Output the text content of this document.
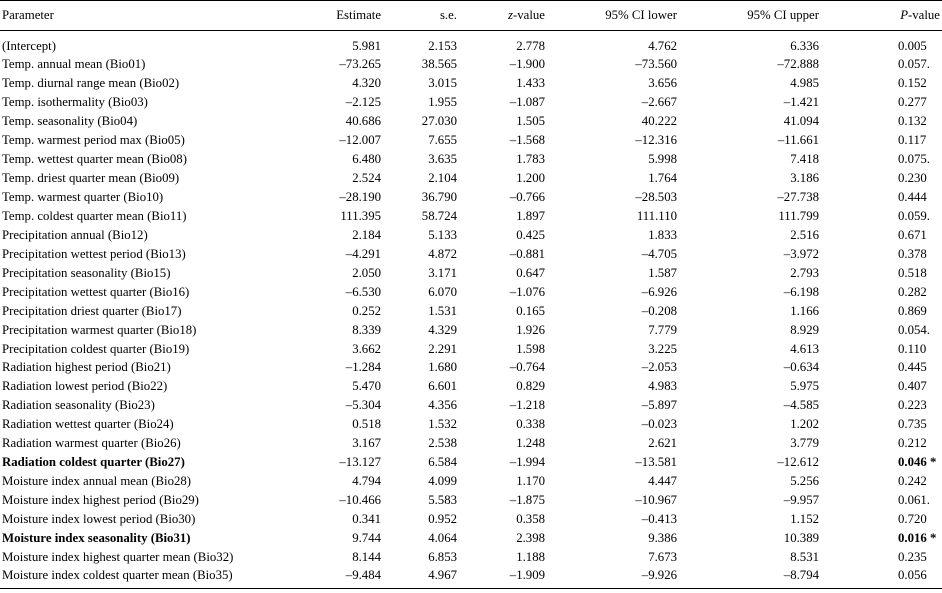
Parameter	Estimate	s.e.	z-value	95% CI lower	95% CI upper	P-value
(Intercept)	5.981	2.153	2.778	4.762	6.336	0.005
Temp. annual mean (Bio01)	–73.265	38.565	–1.900	–73.560	–72.888	0.057.
Temp. diurnal range mean (Bio02)	4.320	3.015	1.433	3.656	4.985	0.152
Temp. isothermality (Bio03)	–2.125	1.955	–1.087	–2.667	–1.421	0.277
Temp. seasonality (Bio04)	40.686	27.030	1.505	40.222	41.094	0.132
Temp. warmest period max (Bio05)	–12.007	7.655	–1.568	–12.316	–11.661	0.117
Temp. wettest quarter mean (Bio08)	6.480	3.635	1.783	5.998	7.418	0.075.
Temp. driest quarter mean (Bio09)	2.524	2.104	1.200	1.764	3.186	0.230
Temp. warmest quarter (Bio10)	–28.190	36.790	–0.766	–28.503	–27.738	0.444
Temp. coldest quarter mean (Bio11)	111.395	58.724	1.897	111.110	111.799	0.059.
Precipitation annual (Bio12)	2.184	5.133	0.425	1.833	2.516	0.671
Precipitation wettest period (Bio13)	–4.291	4.872	–0.881	–4.705	–3.972	0.378
Precipitation seasonality (Bio15)	2.050	3.171	0.647	1.587	2.793	0.518
Precipitation wettest quarter (Bio16)	–6.530	6.070	–1.076	–6.926	–6.198	0.282
Precipitation driest quarter (Bio17)	0.252	1.531	0.165	–0.208	1.166	0.869
Precipitation warmest quarter (Bio18)	8.339	4.329	1.926	7.779	8.929	0.054.
Precipitation coldest quarter (Bio19)	3.662	2.291	1.598	3.225	4.613	0.110
Radiation highest period (Bio21)	–1.284	1.680	–0.764	–2.053	–0.634	0.445
Radiation lowest period (Bio22)	5.470	6.601	0.829	4.983	5.975	0.407
Radiation seasonality (Bio23)	–5.304	4.356	–1.218	–5.897	–4.585	0.223
Radiation wettest quarter (Bio24)	0.518	1.532	0.338	–0.023	1.202	0.735
Radiation warmest quarter (Bio26)	3.167	2.538	1.248	2.621	3.779	0.212
Radiation coldest quarter (Bio27)	–13.127	6.584	–1.994	–13.581	–12.612	0.046 *
Moisture index annual mean (Bio28)	4.794	4.099	1.170	4.447	5.256	0.242
Moisture index highest period (Bio29)	–10.466	5.583	–1.875	–10.967	–9.957	0.061.
Moisture index lowest period (Bio30)	0.341	0.952	0.358	–0.413	1.152	0.720
Moisture index seasonality (Bio31)	9.744	4.064	2.398	9.386	10.389	0.016 *
Moisture index highest quarter mean (Bio32)	8.144	6.853	1.188	7.673	8.531	0.235
Moisture index coldest quarter mean (Bio35)	–9.484	4.967	–1.909	–9.926	–8.794	0.056
